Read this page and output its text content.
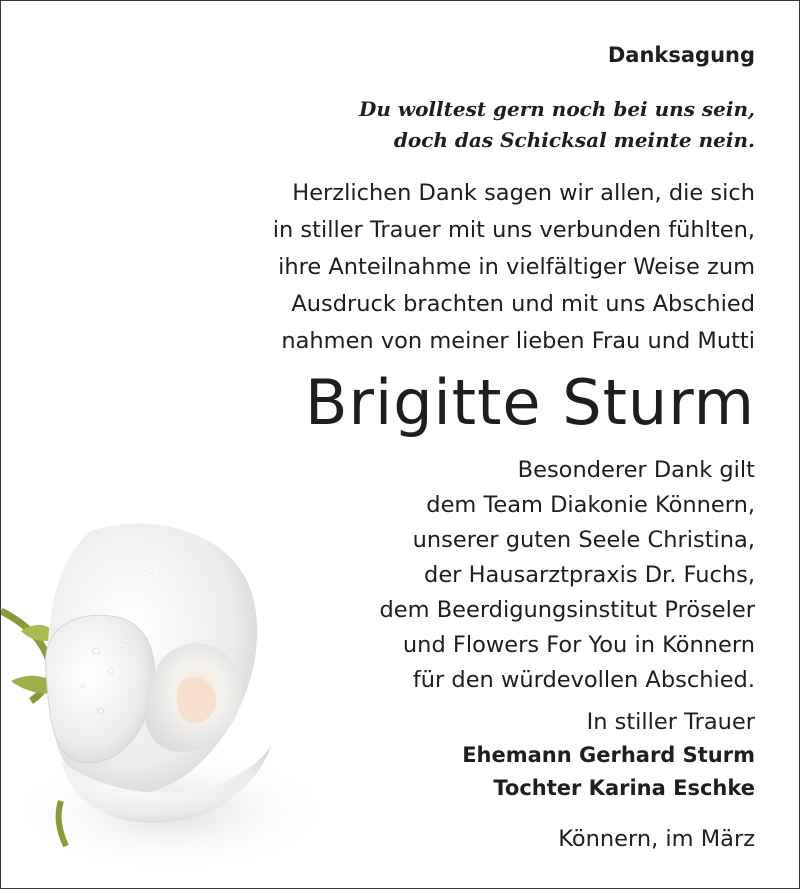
Danksagung
Du wolltest gern noch bei uns sein,
doch das Schicksal meinte nein.
Herzlichen Dank sagen wir allen, die sich
in stiller Trauer mit uns verbunden fühlten,
ihre Anteilnahme in vielfältiger Weise zum
Ausdruck brachten und mit uns Abschied
nahmen von meiner lieben Frau und Mutti
Brigitte Sturm
Besonderer Dank gilt
dem Team Diakonie Könnern,
unserer guten Seele Christina,
der Hausarztpraxis Dr. Fuchs,
dem Beerdigungsinstitut Pröseler
und Flowers For You in Könnern
für den würdevollen Abschied.
In stiller Trauer
Ehemann Gerhard Sturm
Tochter Karina Eschke
Könnern, im März
